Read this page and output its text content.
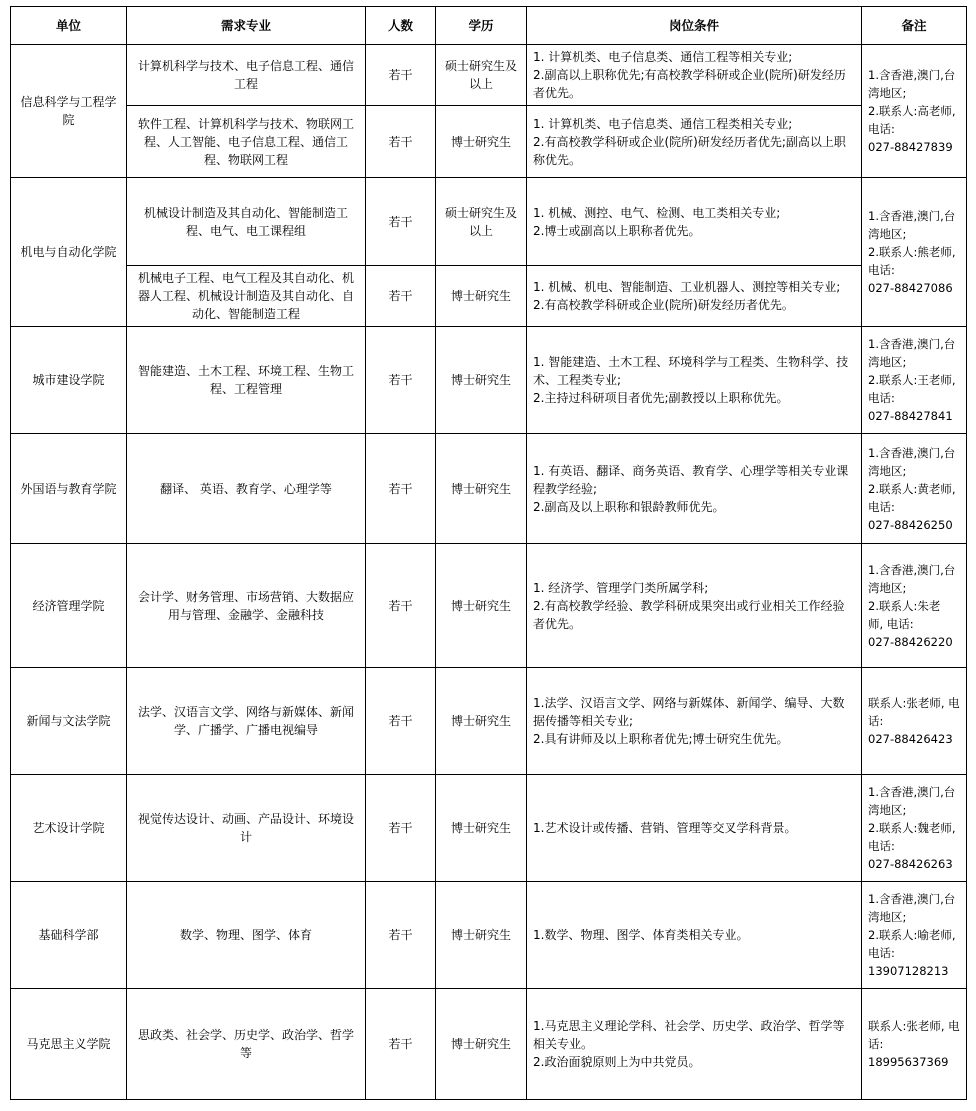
单位	需求专业	人数	学历	岗位条件	备注
信息科学与工程学院	计算机科学与技术、电子信息工程、通信工程	若干	硕士研究生及以上	1. 计算机类、电子信息类、通信工程等相关专业;
2.副高以上职称优先;有高校教学科研或企业(院所)研发经历者优先。	1.含香港,澳门,台湾地区;
2.联系人:高老师, 电话:
027-88427839

	软件工程、计算机科学与技术、物联网工程、人工智能、电子信息工程、通信工程、物联网工程	若干	博士研究生	1. 计算机类、电子信息类、通信工程类相关专业;
2.有高校教学科研或企业(院所)研发经历者优先;副高以上职称优先。	

机电与自动化学院	机械设计制造及其自动化、智能制造工程、电气、电工课程组	若干	硕士研究生及以上	1. 机械、测控、电气、检测、电工类相关专业;
2.博士或副高以上职称者优先。	1.含香港,澳门,台湾地区;
2.联系人:熊老师, 电话:
027-88427086

	机械电子工程、电气工程及其自动化、机器人工程、机械设计制造及其自动化、自动化、智能制造工程	若干	博士研究生	1. 机械、机电、智能制造、工业机器人、测控等相关专业;
2.有高校教学科研或企业(院所)研发经历者优先。	

城市建设学院	智能建造、土木工程、环境工程、生物工程、工程管理	若干	博士研究生	1. 智能建造、土木工程、环境科学与工程类、生物科学、技术、工程类专业;
2.主持过科研项目者优先;副教授以上职称优先。	1.含香港,澳门,台湾地区;
2.联系人:王老师, 电话:
027-88427841

外国语与教育学院	翻译、 英语、教育学、心理学等	若干	博士研究生	1. 有英语、翻译、商务英语、教育学、心理学等相关专业课程教学经验;
2.副高及以上职称和银龄教师优先。	1.含香港,澳门,台湾地区;
2.联系人:黄老师, 电话:
027-88426250

经济管理学院	会计学、财务管理、市场营销、大数据应用与管理、金融学、金融科技	若干	博士研究生	1. 经济学、管理学门类所属学科;
2.有高校教学经验、教学科研成果突出或行业相关工作经验者优先。	1.含香港,澳门,台湾地区;
2.联系人:朱老
师, 电话:
027-88426220

新闻与文法学院	法学、汉语言文学、网络与新媒体、新闻学、广播学、广播电视编导	若干	博士研究生	1.法学、汉语言文学、网络与新媒体、新闻学、编导、大数据传播等相关专业;
2.具有讲师及以上职称者优先;博士研究生优先。	联系人:张老师, 电话:
027-88426423

艺术设计学院	视觉传达设计、动画、产品设计、环境设计	若干	博士研究生	1.艺术设计或传播、营销、管理等交叉学科背景。	1.含香港,澳门,台湾地区;
2.联系人:魏老师, 电话:
027-88426263

基础科学部	数学、物理、图学、体育	若干	博士研究生	1.数学、物理、图学、体育类相关专业。	1.含香港,澳门,台湾地区;
2.联系人:喻老师, 电话:
13907128213

马克思主义学院	思政类、社会学、历史学、政治学、哲学等	若干	博士研究生	1.马克思主义理论学科、社会学、历史学、政治学、哲学等相关专业。
2.政治面貌原则上为中共党员。	联系人:张老师, 电话:
18995637369
